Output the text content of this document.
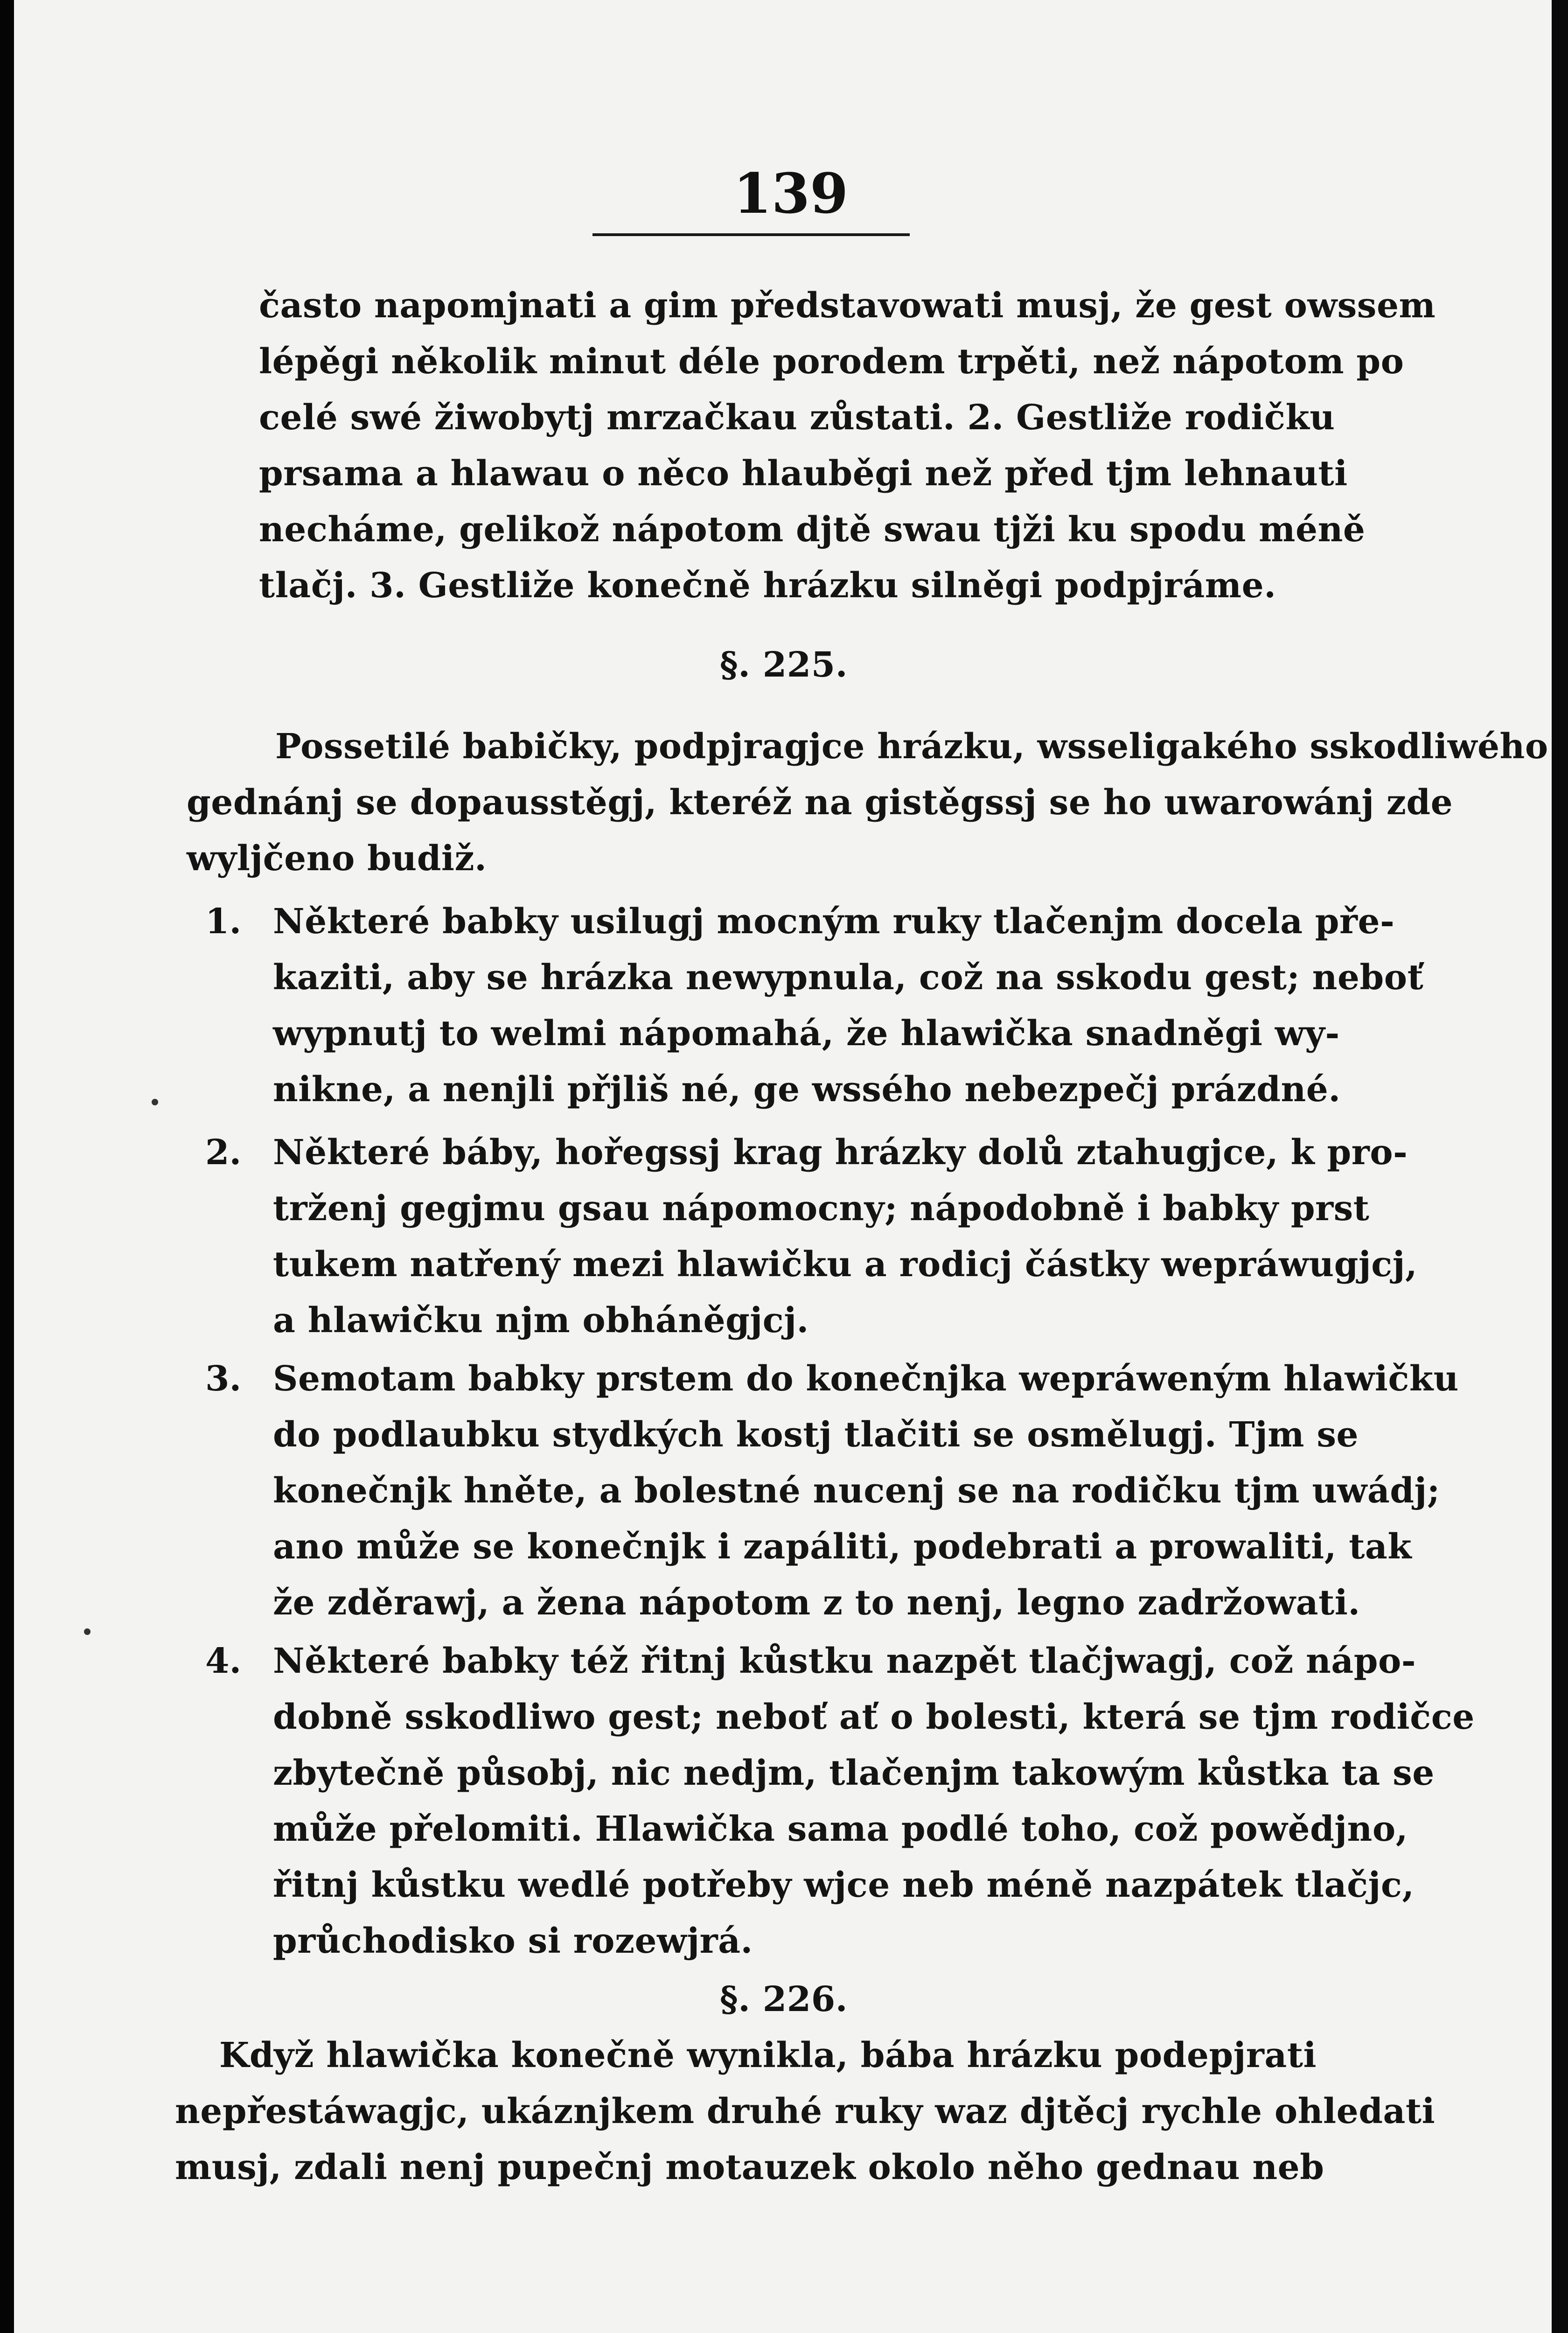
139
často napomjnati a gim představowati musj, že gest owssem
lépěgi několik minut déle porodem trpěti, než nápotom po
celé swé žiwobytj mrzačkau zůstati. 2. Gestliže rodičku
prsama a hlawau o něco hlauběgi než před tjm lehnauti
necháme, gelikož nápotom djtě swau tjži ku spodu méně
tlačj. 3. Gestliže konečně hrázku silněgi podpjráme.
§. 225.
Possetilé babičky, podpjragjce hrázku, wsseligakého sskodliwého
gednánj se dopausstěgj, kteréž na gistěgssj se ho uwarowánj zde
wyljčeno budiž.
1. Některé babky usilugj mocným ruky tlačenjm docela pře-
kaziti, aby se hrázka newypnula, což na sskodu gest; neboť
wypnutj to welmi nápomahá, že hlawička snadněgi wy-
nikne, a nenjli přjliš né, ge wssého nebezpečj prázdné.
2. Některé báby, hořegssj krag hrázky dolů ztahugjce, k pro-
trženj gegjmu gsau nápomocny; nápodobně i babky prst
tukem natřený mezi hlawičku a rodicj částky wepráwugjcj,
a hlawičku njm obháněgjcj.
3. Semotam babky prstem do konečnjka wepráweným hlawičku
do podlaubku stydkých kostj tlačiti se osmělugj. Tjm se
konečnjk hněte, a bolestné nucenj se na rodičku tjm uwádj;
ano může se konečnjk i zapáliti, podebrati a prowaliti, tak
že zděrawj, a žena nápotom z to nenj, legno zadržowati.
4. Některé babky též řitnj kůstku nazpět tlačjwagj, což nápo-
dobně sskodliwo gest; neboť ať o bolesti, která se tjm rodičce
zbytečně působj, nic nedjm, tlačenjm takowým kůstka ta se
může přelomiti. Hlawička sama podlé toho, což powědjno,
řitnj kůstku wedlé potřeby wjce neb méně nazpátek tlačjc,
průchodisko si rozewjrá.
§. 226.
Když hlawička konečně wynikla, bába hrázku podepjrati
nepřestáwagjc, ukáznjkem druhé ruky waz djtěcj rychle ohledati
musj, zdali nenj pupečnj motauzek okolo něho gednau neb
